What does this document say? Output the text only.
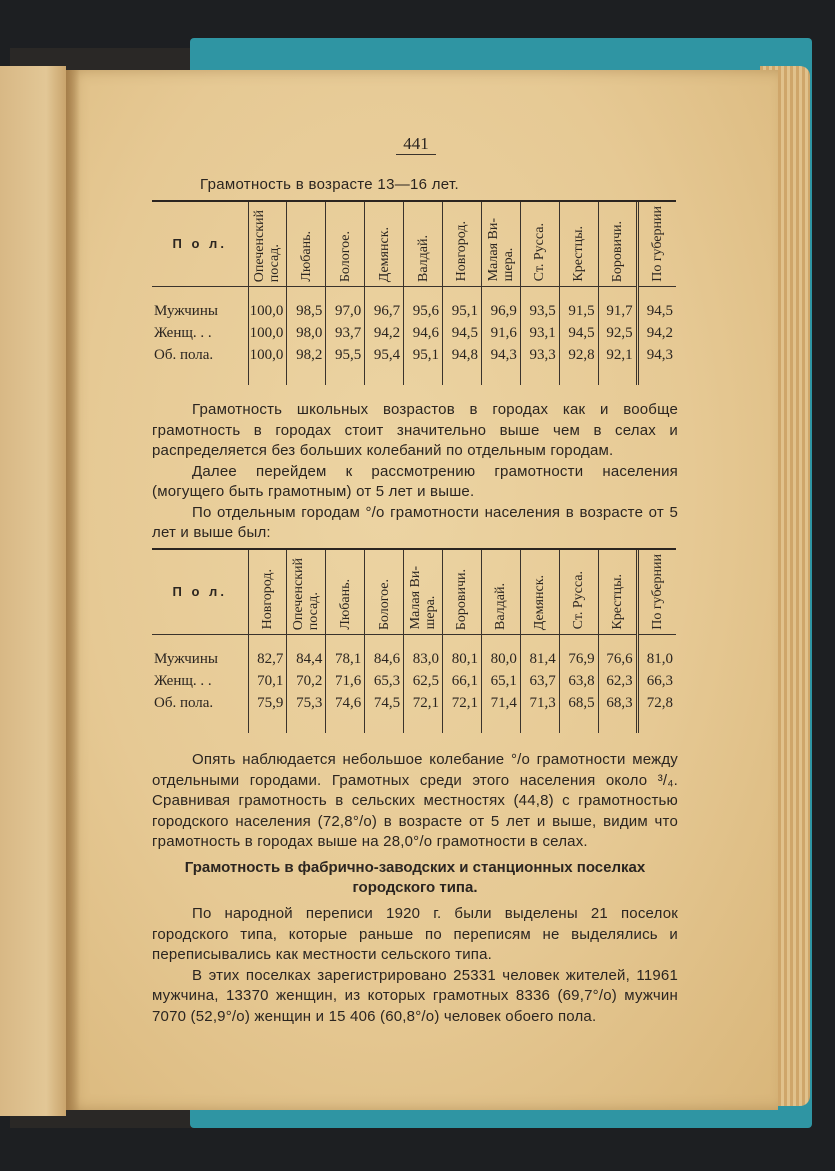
441
Грамотность в возрасте 13—16 лет.
П о л.	Опеченский
посад.	Любань.	Бологое.	Демянск.	Валдай.	Новгород.	Малая Ви-
шера.	Ст. Русса.	Крестцы.	Боровичи.	По губернии

Мужчины	100,0	98,5	97,0	96,7	95,6	95,1	96,9	93,5	91,5	91,7	94,5
Женщ. . .	100,0	98,0	93,7	94,2	94,6	94,5	91,6	93,1	94,5	92,5	94,2
Об. пола.	100,0	98,2	95,5	95,4	95,1	94,8	94,3	93,3	92,8	92,1	94,3

Грамотность школьных возрастов в городах как и вообще грамотность в городах стоит значительно выше чем в селах и распределяется без больших колебаний по отдельным городам.

Далее перейдем к рассмотрению грамотности населения (могущего быть грамотным) от 5 лет и выше.

По отдельным городам °/о грамотности населения в возрасте от 5 лет и выше был:

П о л.	Новгород.	Опеченский
посад.	Любань.	Бологое.	Малая Ви-
шера.	Боровичи.	Валдай.	Демянск.	Ст. Русса.	Крестцы.	По губернии

Мужчины	82,7	84,4	78,1	84,6	83,0	80,1	80,0	81,4	76,9	76,6	81,0
Женщ. . .	70,1	70,2	71,6	65,3	62,5	66,1	65,1	63,7	63,8	62,3	66,3
Об. пола.	75,9	75,3	74,6	74,5	72,1	72,1	71,4	71,3	68,5	68,3	72,8

Опять наблюдается небольшое колебание °/о грамотности между отдельными городами. Грамотных среди этого населения около ³/₄. Сравнивая грамотность в сельских местностях (44,8) с грамотностью городского населения (72,8°/о) в возрасте от 5 лет и выше, видим что грамотность в городах выше на 28,0°/о грамотности в селах.

Грамотность в фабрично-заводских и станционных поселках городского типа.

По народной переписи 1920 г. были выделены 21 поселок городского типа, которые раньше по переписям не выделялись и переписывались как местности сельского типа.

В этих поселках зарегистрировано 25331 человек жителей, 11961 мужчина, 13370 женщин, из которых грамотных 8336 (69,7°/о) мужчин 7070 (52,9°/о) женщин и 15 406 (60,8°/о) человек обоего пола.
